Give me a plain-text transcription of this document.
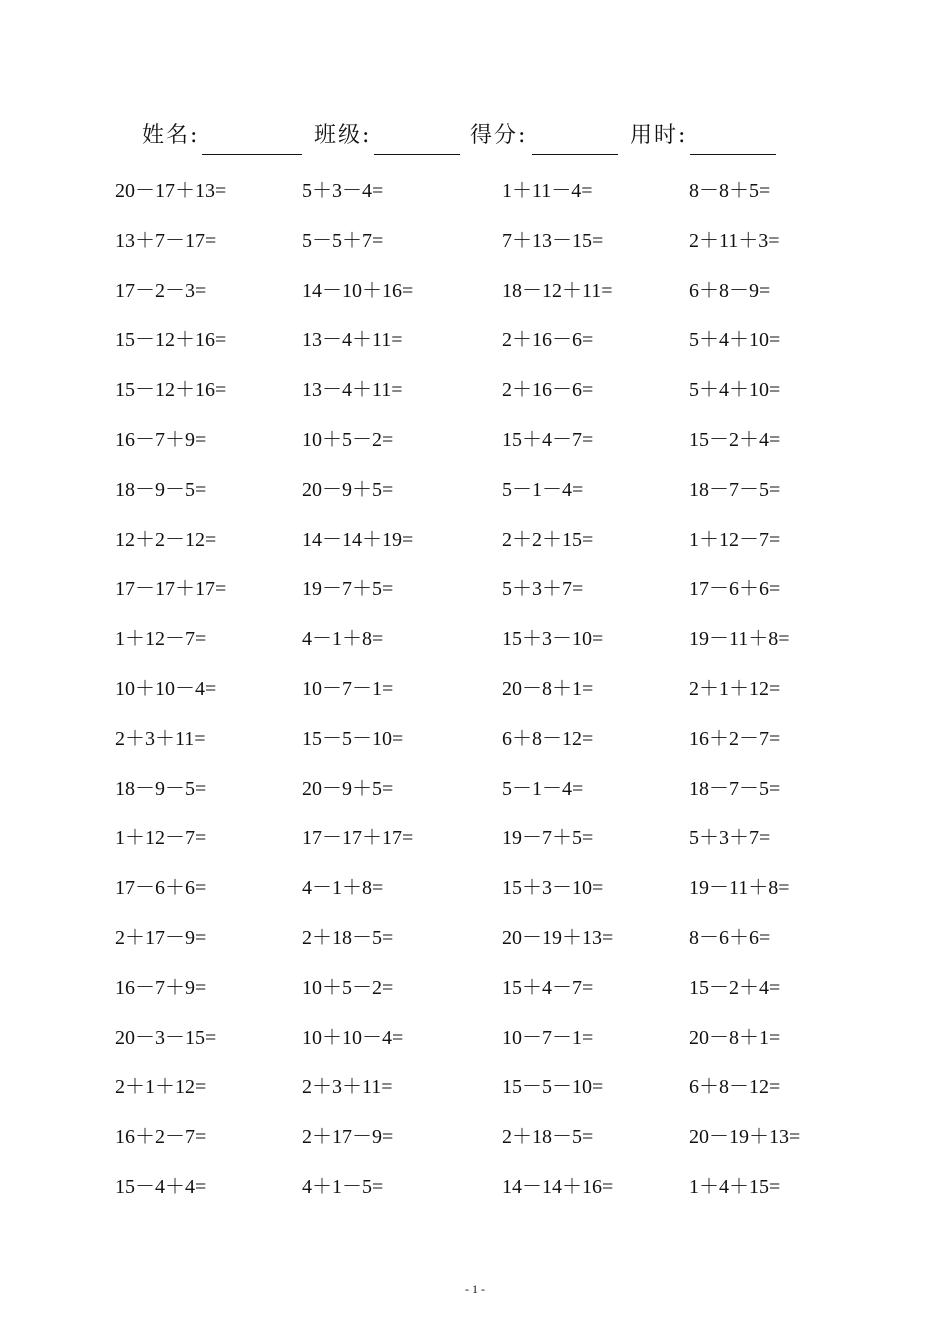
姓名:	班级:	得分:	用时:
20－17＋13=	5＋3－4=	1＋11－4=	8－8＋5=
13＋7－17=	5－5＋7=	7＋13－15=	2＋11＋3=
17－2－3=	14－10＋16=	18－12＋11=	6＋8－9=
15－12＋16=	13－4＋11=	2＋16－6=	5＋4＋10=
15－12＋16=	13－4＋11=	2＋16－6=	5＋4＋10=
16－7＋9=	10＋5－2=	15＋4－7=	15－2＋4=
18－9－5=	20－9＋5=	5－1－4=	18－7－5=
12＋2－12=	14－14＋19=	2＋2＋15=	1＋12－7=
17－17＋17=	19－7＋5=	5＋3＋7=	17－6＋6=
1＋12－7=	4－1＋8=	15＋3－10=	19－11＋8=
10＋10－4=	10－7－1=	20－8＋1=	2＋1＋12=
2＋3＋11=	15－5－10=	6＋8－12=	16＋2－7=
18－9－5=	20－9＋5=	5－1－4=	18－7－5=
1＋12－7=	17－17＋17=	19－7＋5=	5＋3＋7=
17－6＋6=	4－1＋8=	15＋3－10=	19－11＋8=
2＋17－9=	2＋18－5=	20－19＋13=	8－6＋6=
16－7＋9=	10＋5－2=	15＋4－7=	15－2＋4=
20－3－15=	10＋10－4=	10－7－1=	20－8＋1=
2＋1＋12=	2＋3＋11=	15－5－10=	6＋8－12=
16＋2－7=	2＋17－9=	2＋18－5=	20－19＋13=
15－4＋4=	4＋1－5=	14－14＋16=	1＋4＋15=
- 1 -
